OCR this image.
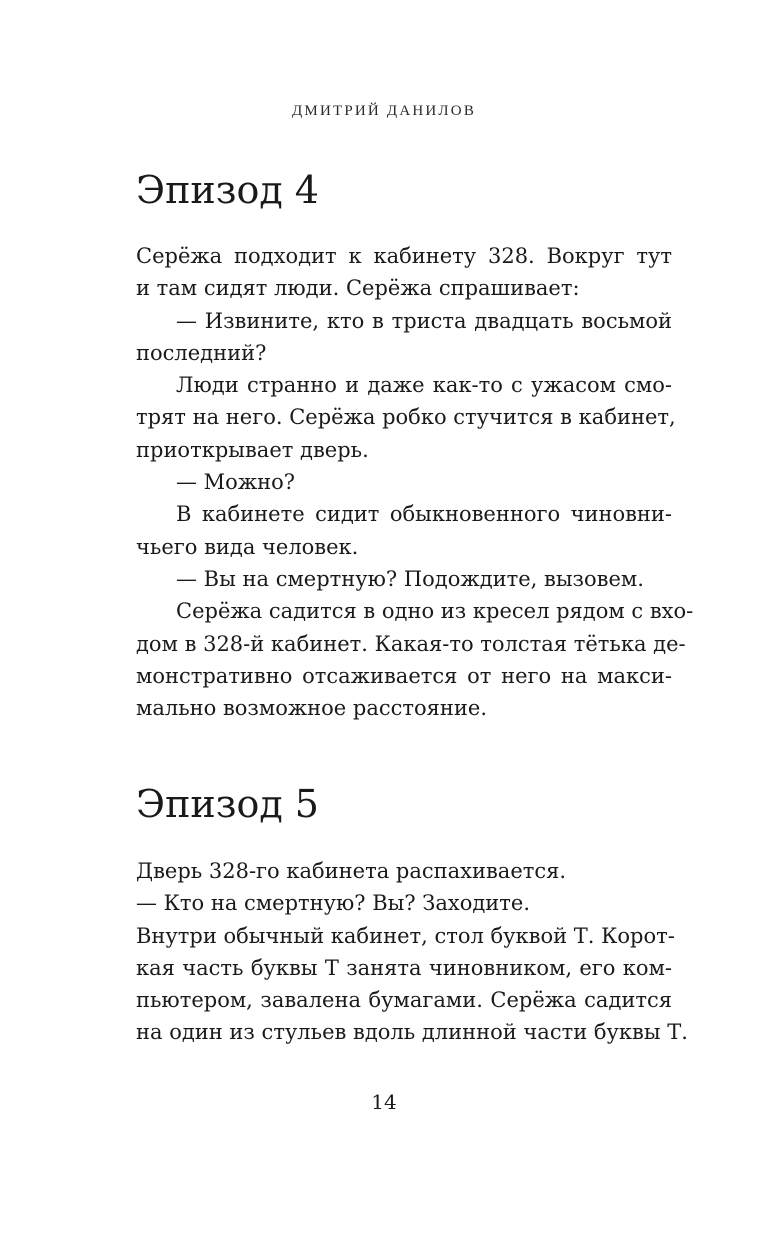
ДМИТРИЙ ДАНИЛОВ
Эпизод 4
Серёжа подходит к кабинету 328. Вокруг тут
и там сидят люди. Серёжа спрашивает:
— Извините, кто в триста двадцать восьмой
последний?
Люди странно и даже как-то с ужасом смо-
трят на него. Серёжа робко стучится в кабинет,
приоткрывает дверь.
— Можно?
В кабинете сидит обыкновенного чиновни-
чьего вида человек.
— Вы на смертную? Подождите, вызовем.
Серёжа садится в одно из кресел рядом с вхо-
дом в 328-й кабинет. Какая-то толстая тётька де-
монстративно отсаживается от него на макси-
мально возможное расстояние.
Эпизод 5
Дверь 328-го кабинета распахивается.
— Кто на смертную? Вы? Заходите.
Внутри обычный кабинет, стол буквой Т. Корот-
кая часть буквы Т занята чиновником, его ком-
пьютером, завалена бумагами. Серёжа садится
на один из стульев вдоль длинной части буквы Т.
14
